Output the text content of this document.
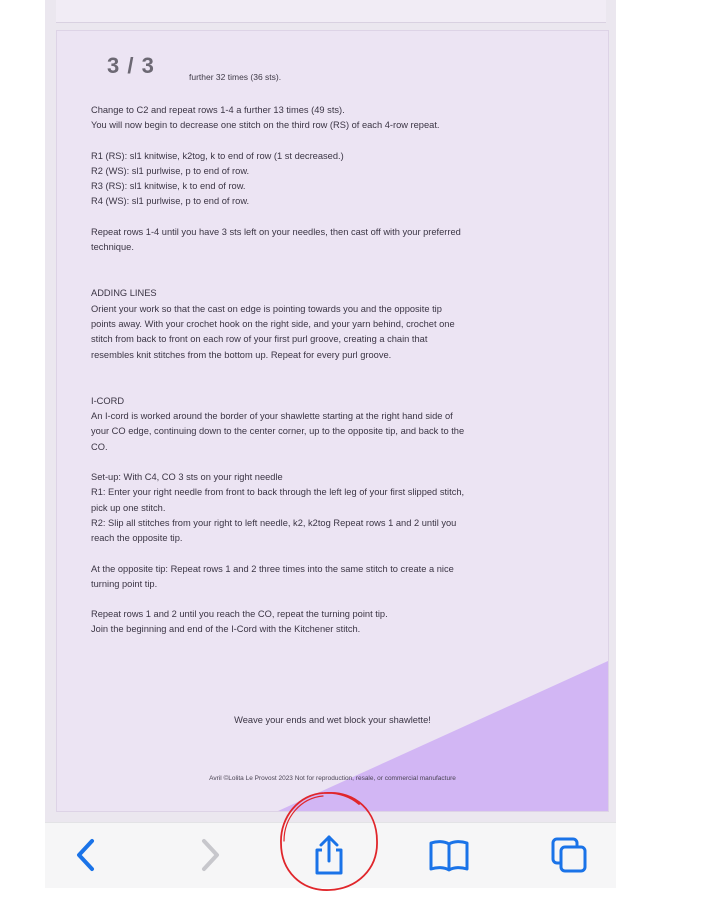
3 / 3	further 32 times (36 sts).

Change to C2 and repeat rows 1-4 a further 13 times (49 sts).

You will now begin to decrease one stitch on the third row (RS) of each 4-row repeat.

R1 (RS): sl1 knitwise, k2tog, k to end of row (1 st decreased.)

R2 (WS): sl1 purlwise, p to end of row.

R3 (RS): sl1 knitwise, k to end of row.

R4 (WS): sl1 purlwise, p to end of row.

Repeat rows 1-4 until you have 3 sts left on your needles, then cast off with your preferred

technique.

ADDING LINES

Orient your work so that the cast on edge is pointing towards you and the opposite tip

points away. With your crochet hook on the right side, and your yarn behind, crochet one

stitch from back to front on each row of your first purl groove, creating a chain that

resembles knit stitches from the bottom up. Repeat for every purl groove.

I-CORD

An I-cord is worked around the border of your shawlette starting at the right hand side of

your CO edge, continuing down to the center corner, up to the opposite tip, and back to the

CO.

Set-up: With C4, CO 3 sts on your right needle

R1: Enter your right needle from front to back through the left leg of your first slipped stitch,

pick up one stitch.

R2: Slip all stitches from your right to left needle, k2, k2tog Repeat rows 1 and 2 until you

reach the opposite tip.

At the opposite tip: Repeat rows 1 and 2 three times into the same stitch to create a nice

turning point tip.

Repeat rows 1 and 2 until you reach the CO, repeat the turning point tip.

Join the beginning and end of the I-Cord with the Kitchener stitch.

Weave your ends and wet block your shawlette!
Avril ©Lolita Le Provost 2023 Not for reproduction, resale, or commercial manufacture
